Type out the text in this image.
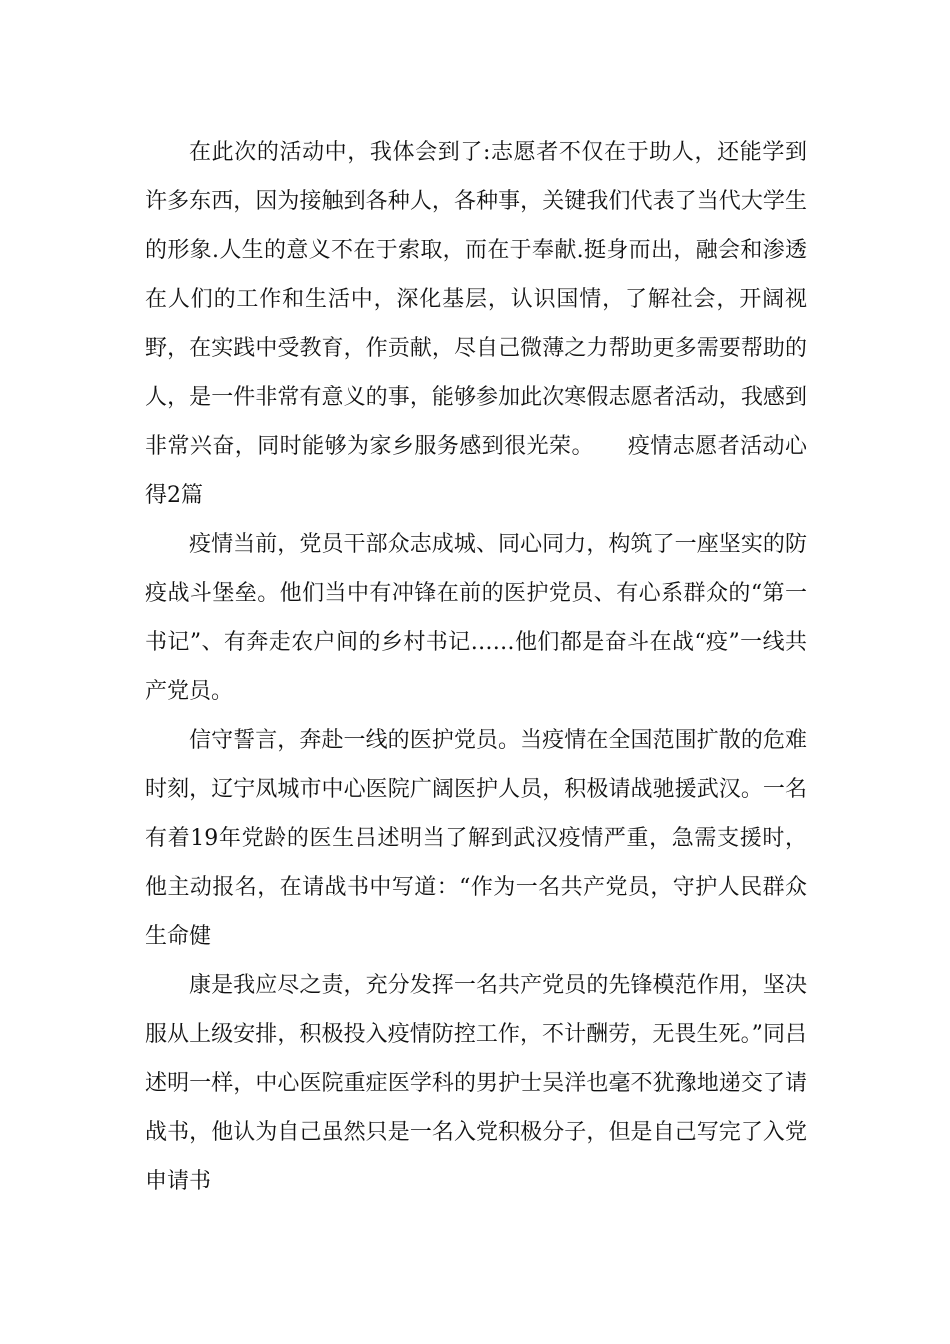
在此次的活动中，我体会到了:志愿者不仅在于助人，还能学到许多东西，因为接触到各种人，各种事，关键我们代表了当代大学生的形象.人生的意义不在于索取，而在于奉献.挺身而出，融会和渗透在人们的工作和生活中，深化基层，认识国情，了解社会，开阔视野，在实践中受教育，作贡献，尽自己微薄之力帮助更多需要帮助的人，是一件非常有意义的事，能够参加此次寒假志愿者活动，我感到非常兴奋，同时能够为家乡服务感到很光荣。　　疫情志愿者活动心得2篇

疫情当前，党员干部众志成城、同心同力，构筑了一座坚实的防疫战斗堡垒。他们当中有冲锋在前的医护党员、有心系群众的“第一书记”、有奔走农户间的乡村书记……他们都是奋斗在战“疫”一线共产党员。

信守誓言，奔赴一线的医护党员。当疫情在全国范围扩散的危难时刻，辽宁凤城市中心医院广阔医护人员，积极请战驰援武汉。一名有着19年党龄的医生吕述明当了解到武汉疫情严重，急需支援时，他主动报名，在请战书中写道：“作为一名共产党员，守护人民群众生命健

康是我应尽之责，充分发挥一名共产党员的先锋模范作用，坚决服从上级安排，积极投入疫情防控工作，不计酬劳，无畏生死。”同吕述明一样，中心医院重症医学科的男护士吴洋也毫不犹豫地递交了请战书，他认为自己虽然只是一名入党积极分子，但是自己写完了入党申请书
